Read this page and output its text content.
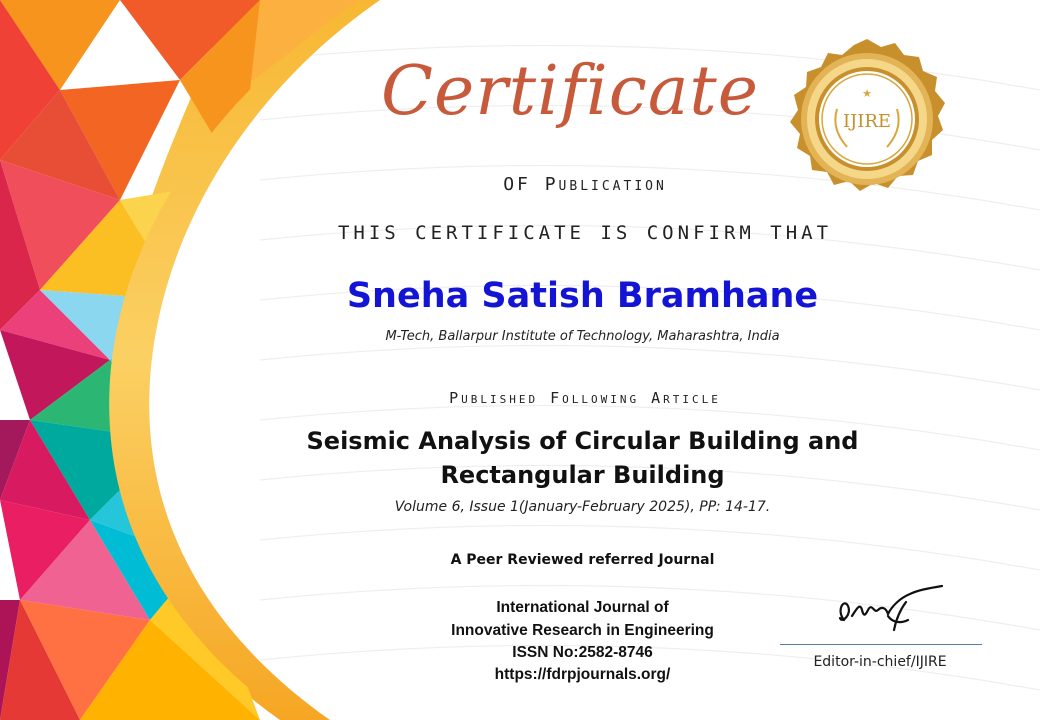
★
IJIRE
Certificate
OF Publication
THIS CERTIFICATE IS CONFIRM THAT
Sneha Satish Bramhane
M-Tech, Ballarpur Institute of Technology, Maharashtra, India
Published Following Article
Seismic Analysis of Circular Building and Rectangular Building
Volume 6, Issue 1(January-February 2025), PP: 14-17.
A Peer Reviewed referred Journal
International Journal of
Innovative Research in Engineering
ISSN No:2582-8746
https://fdrpjournals.org/
Editor-in-chief/IJIRE
